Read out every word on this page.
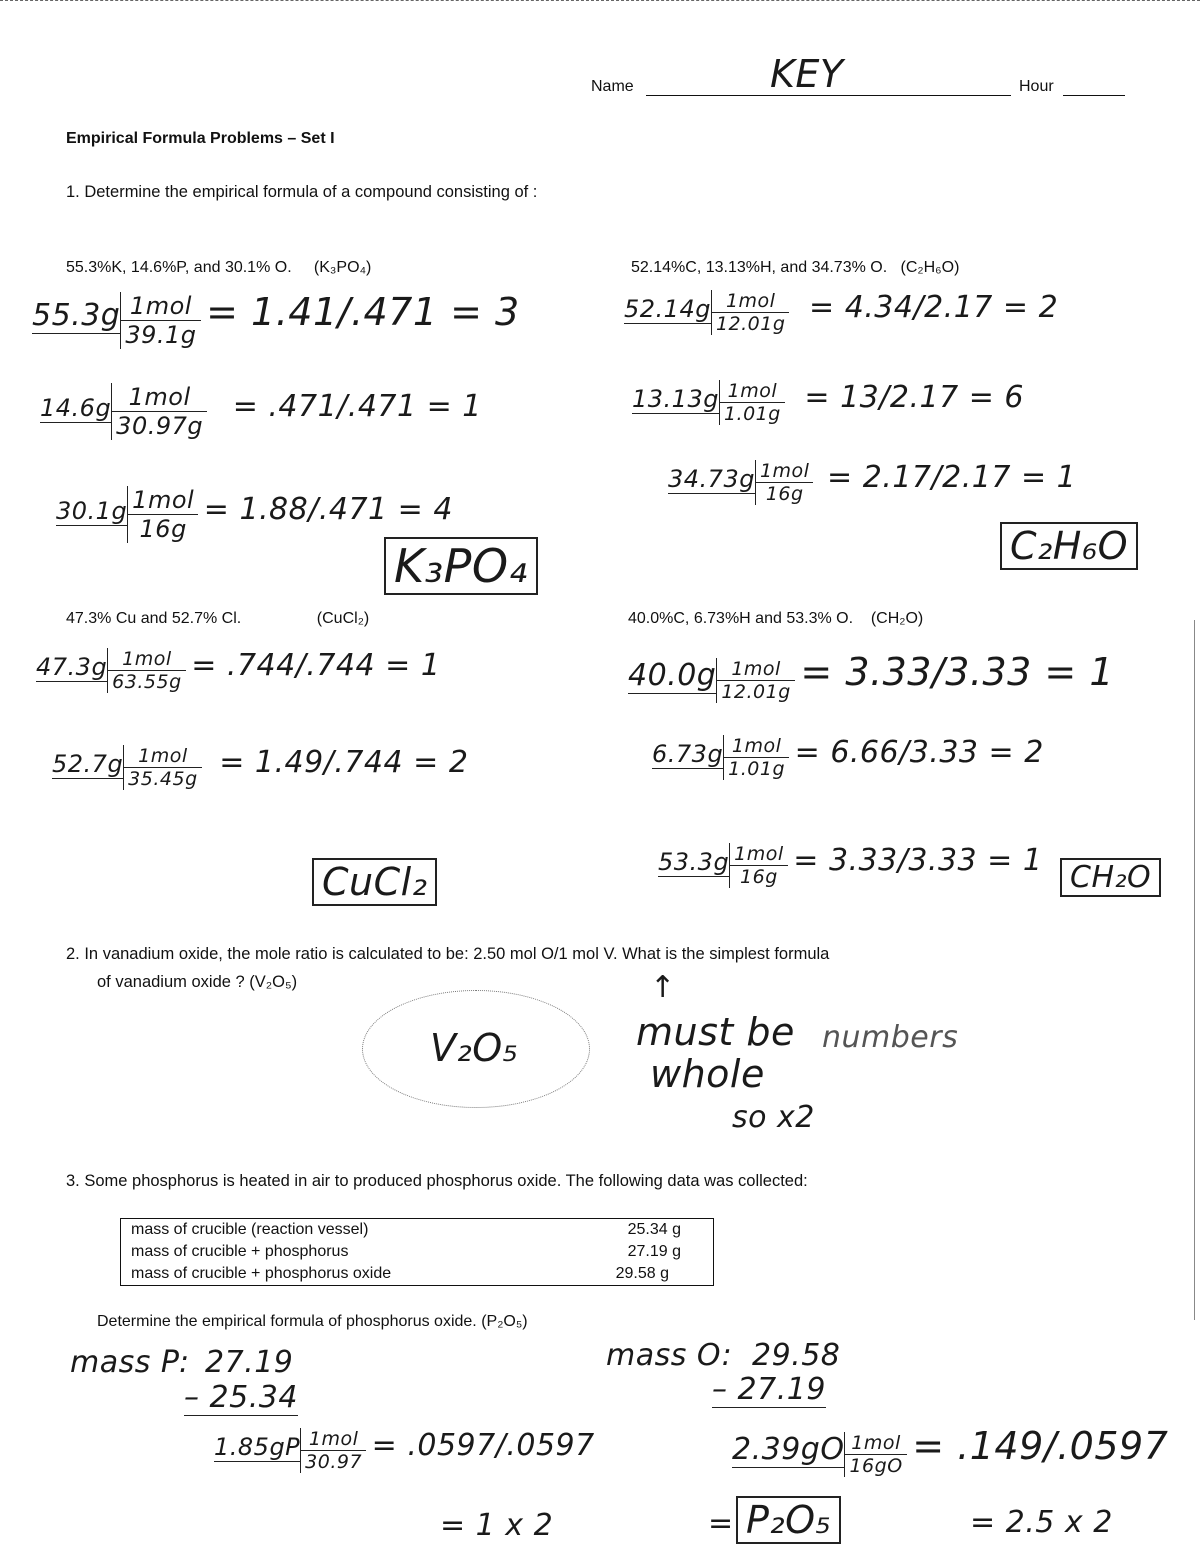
Name	KEY	Hour
Empirical Formula Problems – Set I
1. Determine the empirical formula of a compound consisting of :
55.3%K, 14.6%P, and 30.1% O. (K₃PO₄)
$55.3g \frac{\text{1mol}}{39.1g} = 1.41/.471 = 3$
$14.6g \frac{\text{1mol}}{30.97g} = .471/.471 = 1$
$30.1g \frac{\text{1mol}}{16g} = 1.88/.471 = 4$
K₃PO₄
52.14%C, 13.13%H, and 34.73% O. (C₂H₆O)
$52.14g \frac{\text{1mol}}{12.01g} = 4.34/2.17 = 2$
$13.13g \frac{\text{1mol}}{1.01g} = 13/2.17 = 6$
$34.73g \frac{\text{1mol}}{16g} = 2.17/2.17 = 1$
C₂H₆O
47.3% Cu and 52.7% Cl.	(CuCl₂)
$47.3g \frac{\text{1mol}}{63.55g} = .744/.744 = 1$
$52.7g \frac{\text{1mol}}{35.45g} = 1.49/.744 = 2$
CuCl₂
40.0%C, 6.73%H and 53.3% O. (CH₂O)
$40.0g \frac{\text{1mol}}{12.01g} = 3.33/3.33 = 1$
$6.73g \frac{\text{1mol}}{1.01g} = 6.66/3.33 = 2$
$53.3g \frac{\text{1mol}}{16g} = 3.33/3.33 = 1$ CH₂O
2. In vanadium oxide, the mole ratio is calculated to be: 2.50 mol O/1 mol V. What is the simplest formula
of vanadium oxide ? (V₂O₅)
V₂O₅
↑
must be numbers
whole
so x2
3. Some phosphorus is heated in air to produced phosphorus oxide. The following data was collected:
mass of crucible (reaction vessel)	25.34 g
mass of crucible + phosphorus	27.19 g
mass of crucible + phosphorus oxide	29.58 g
Determine the empirical formula of phosphorus oxide. (P₂O₅)
mass P: 27.19
– 25.34
$1.85gP \frac{\text{1mol}}{30.97} = .0597/.0597$
= 1 x 2
mass O: 29.58
– 27.19
$2.39gO \frac{\text{1mol}}{16gO} = .149/.0597$
= 2.5 x 2
= P₂O₅
